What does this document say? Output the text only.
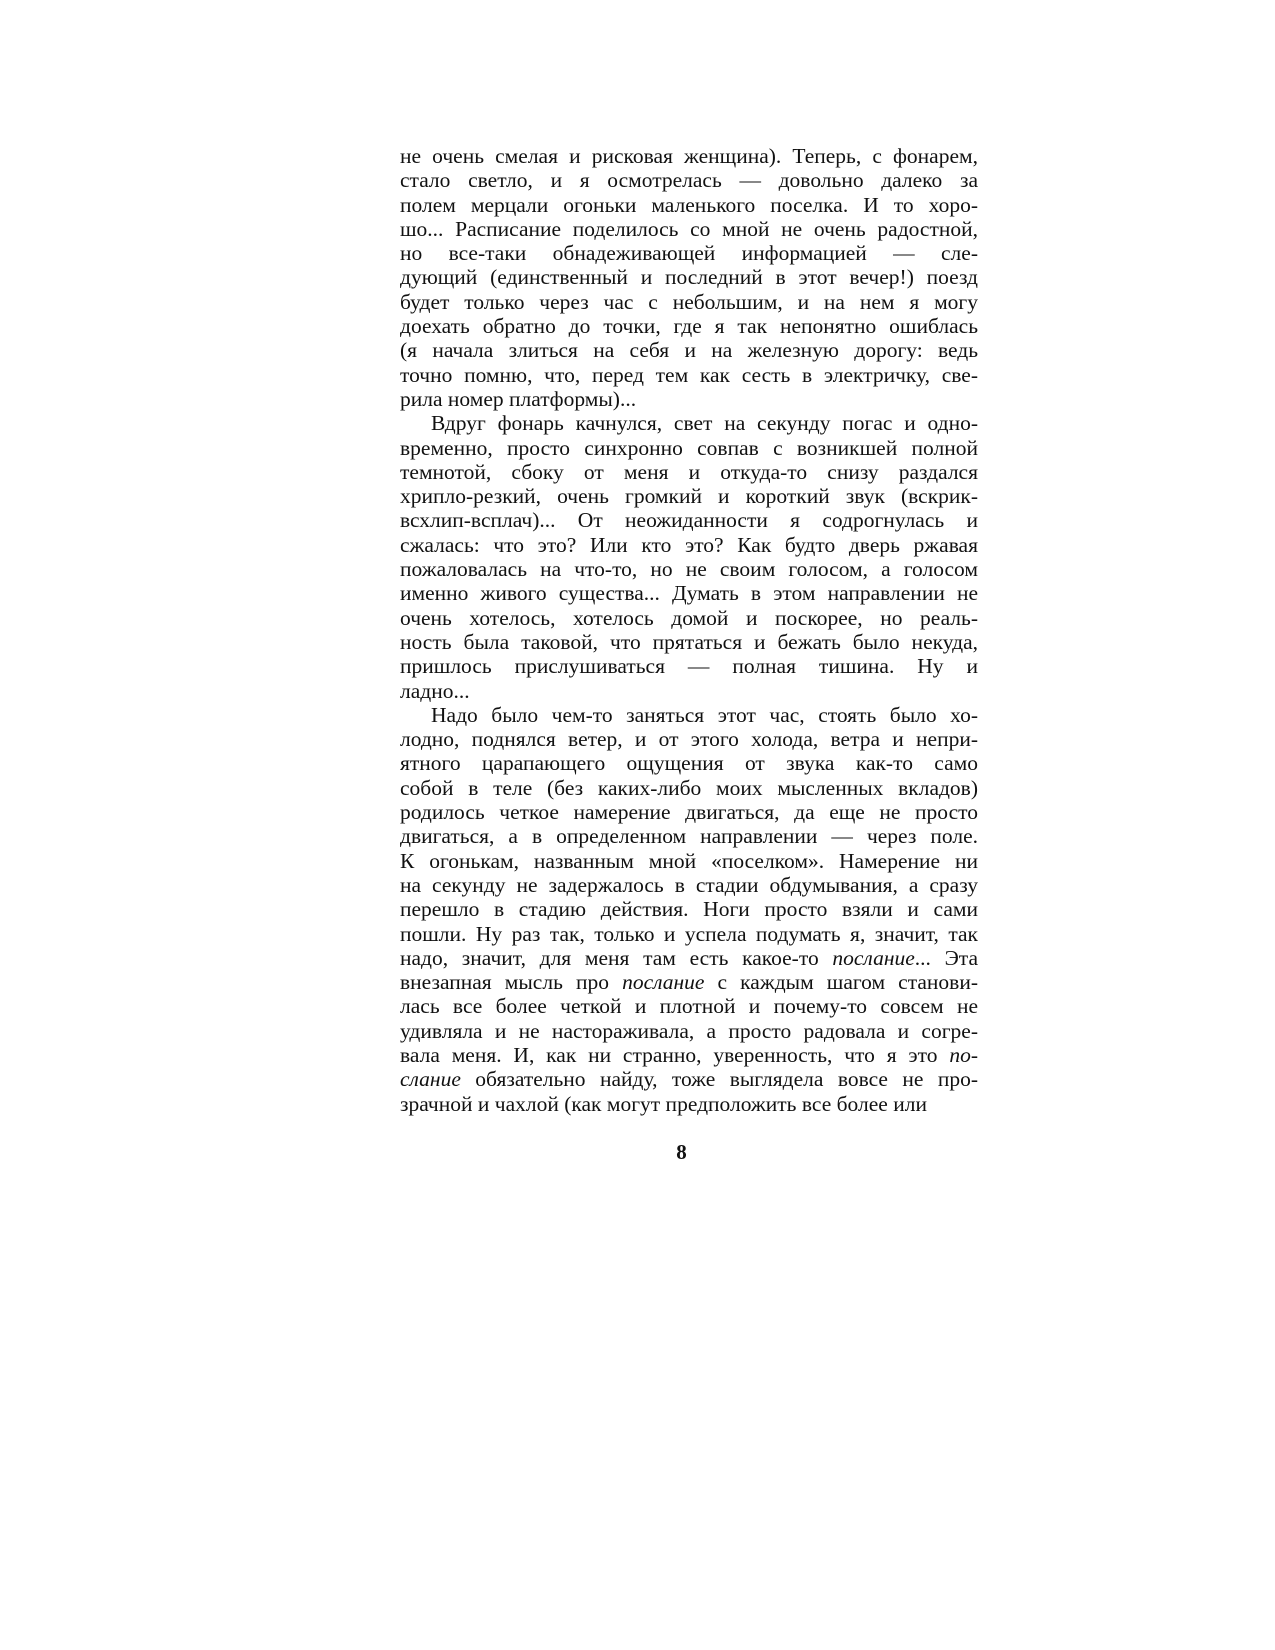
не очень смелая и рисковая женщина). Теперь, с фонарем,
стало светло, и я осмотрелась — довольно далеко за
полем мерцали огоньки маленького поселка. И то хоро-
шо... Расписание поделилось со мной не очень радостной,
но все-таки обнадеживающей информацией — сле-
дующий (единственный и последний в этот вечер!) поезд
будет только через час с небольшим, и на нем я могу
доехать обратно до точки, где я так непонятно ошиблась
(я начала злиться на себя и на железную дорогу: ведь
точно помню, что, перед тем как сесть в электричку, све-
рила номер платформы)...
Вдруг фонарь качнулся, свет на секунду погас и одно-
временно, просто синхронно совпав с возникшей полной
темнотой, сбоку от меня и откуда-то снизу раздался
хрипло-резкий, очень громкий и короткий звук (вскрик-
всхлип-всплач)... От неожиданности я содрогнулась и
сжалась: что это? Или кто это? Как будто дверь ржавая
пожаловалась на что-то, но не своим голосом, а голосом
именно живого существа... Думать в этом направлении не
очень хотелось, хотелось домой и поскорее, но реаль-
ность была таковой, что прятаться и бежать было некуда,
пришлось прислушиваться — полная тишина. Ну и
ладно...
Надо было чем-то заняться этот час, стоять было хо-
лодно, поднялся ветер, и от этого холода, ветра и непри-
ятного царапающего ощущения от звука как-то само
собой в теле (без каких-либо моих мысленных вкладов)
родилось четкое намерение двигаться, да еще не просто
двигаться, а в определенном направлении — через поле.
К огонькам, названным мной «поселком». Намерение ни
на секунду не задержалось в стадии обдумывания, а сразу
перешло в стадию действия. Ноги просто взяли и сами
пошли. Ну раз так, только и успела подумать я, значит, так
надо, значит, для меня там есть какое-то послание... Эта
внезапная мысль про послание с каждым шагом станови-
лась все более четкой и плотной и почему-то совсем не
удивляла и не настораживала, а просто радовала и согре-
вала меня. И, как ни странно, уверенность, что я это по-
слание обязательно найду, тоже выглядела вовсе не про-
зрачной и чахлой (как могут предположить все более или
8
